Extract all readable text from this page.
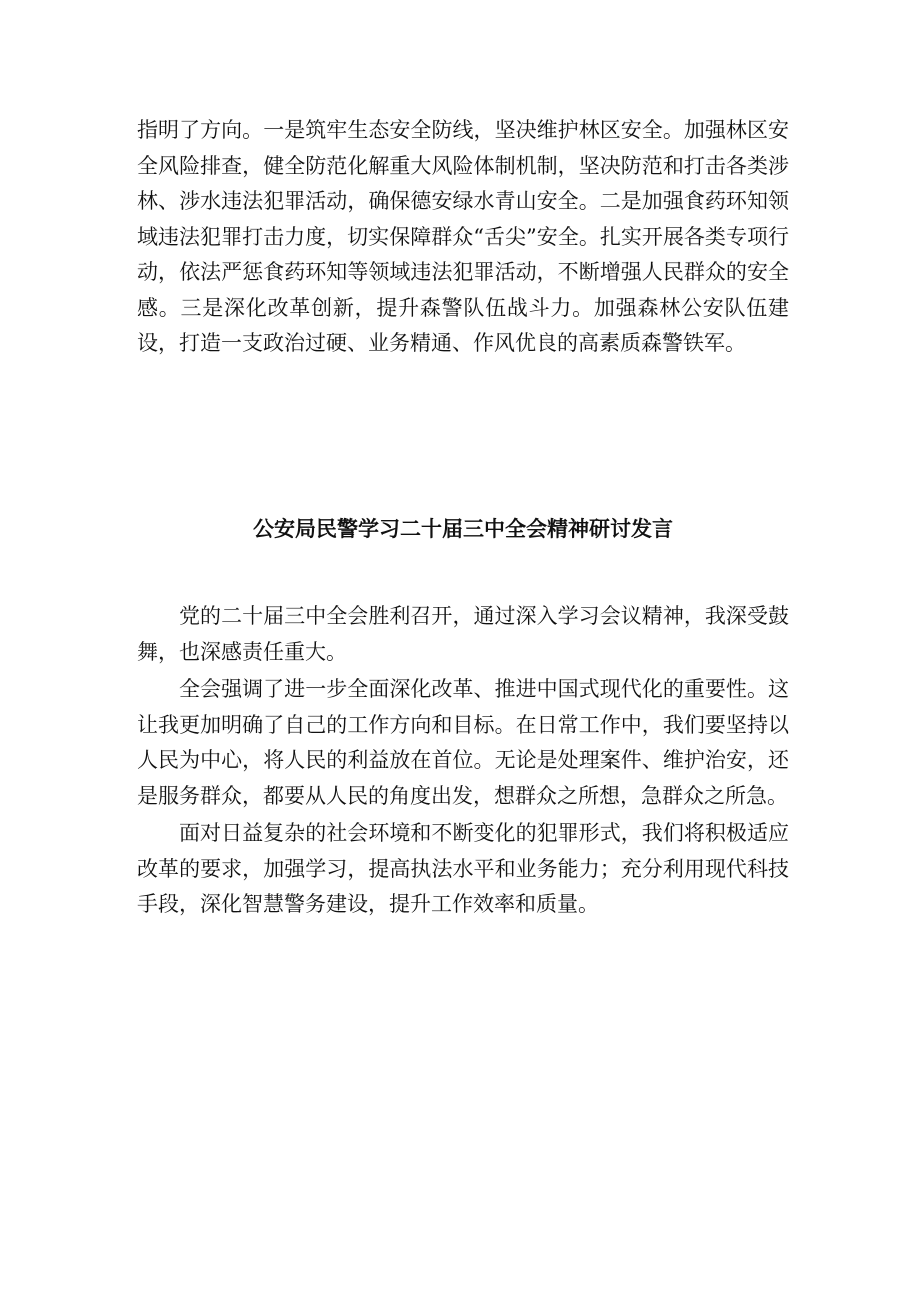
指明了方向。一是筑牢生态安全防线，坚决维护林区安全。加强林区安全风险排查，健全防范化解重大风险体制机制，坚决防范和打击各类涉林、涉水违法犯罪活动，确保德安绿水青山安全。二是加强食药环知领域违法犯罪打击力度，切实保障群众“舌尖”安全。扎实开展各类专项行动，依法严惩食药环知等领域违法犯罪活动，不断增强人民群众的安全感。三是深化改革创新，提升森警队伍战斗力。加强森林公安队伍建设，打造一支政治过硬、业务精通、作风优良的高素质森警铁军。

公安局民警学习二十届三中全会精神研讨发言

党的二十届三中全会胜利召开，通过深入学习会议精神，我深受鼓舞，也深感责任重大。

全会强调了进一步全面深化改革、推进中国式现代化的重要性。这让我更加明确了自己的工作方向和目标。在日常工作中，我们要坚持以人民为中心，将人民的利益放在首位。无论是处理案件、维护治安，还是服务群众，都要从人民的角度出发，想群众之所想，急群众之所急。

面对日益复杂的社会环境和不断变化的犯罪形式，我们将积极适应改革的要求，加强学习，提高执法水平和业务能力；充分利用现代科技手段，深化智慧警务建设，提升工作效率和质量。
